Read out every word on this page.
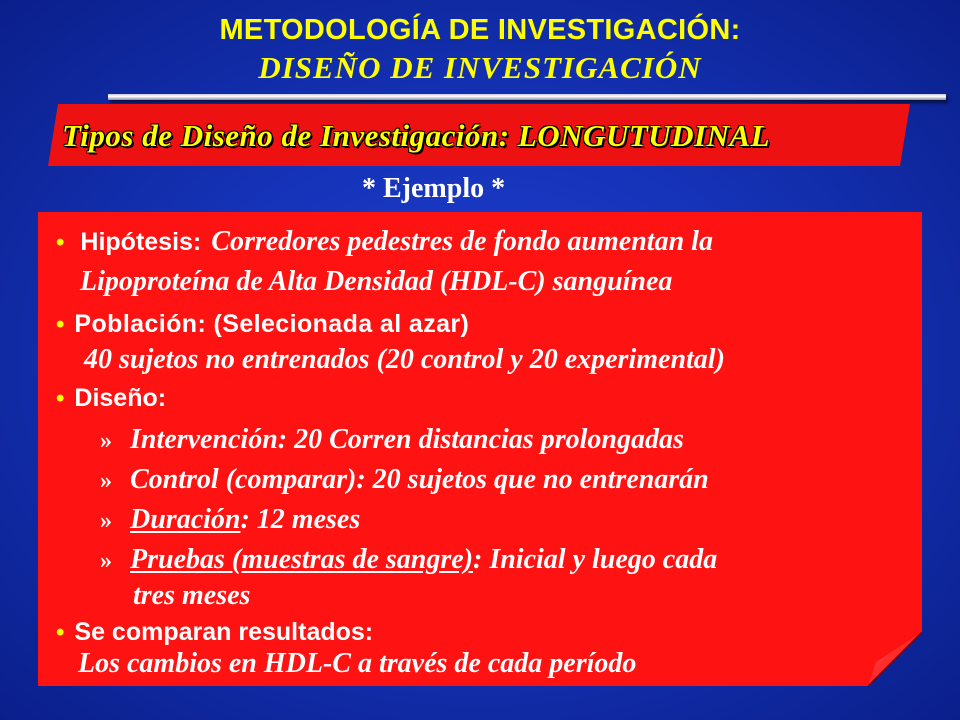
METODOLOGÍA DE INVESTIGACIÓN:
DISEÑO DE INVESTIGACIÓN
Tipos de Diseño de Investigación: LONGUTUDINAL
* Ejemplo *
• Hipótesis: Corredores pedestres de fondo aumentan la
Lipoproteína de Alta Densidad (HDL-C) sanguínea
• Población: (Selecionada al azar)
40 sujetos no entrenados (20 control y 20 experimental)
• Diseño:
» Intervención: 20 Corren distancias prolongadas
» Control (comparar): 20 sujetos que no entrenarán
» Duración: 12 meses
» Pruebas (muestras de sangre): Inicial y luego cada
tres meses
• Se comparan resultados:
Los cambios en HDL-C a través de cada período
